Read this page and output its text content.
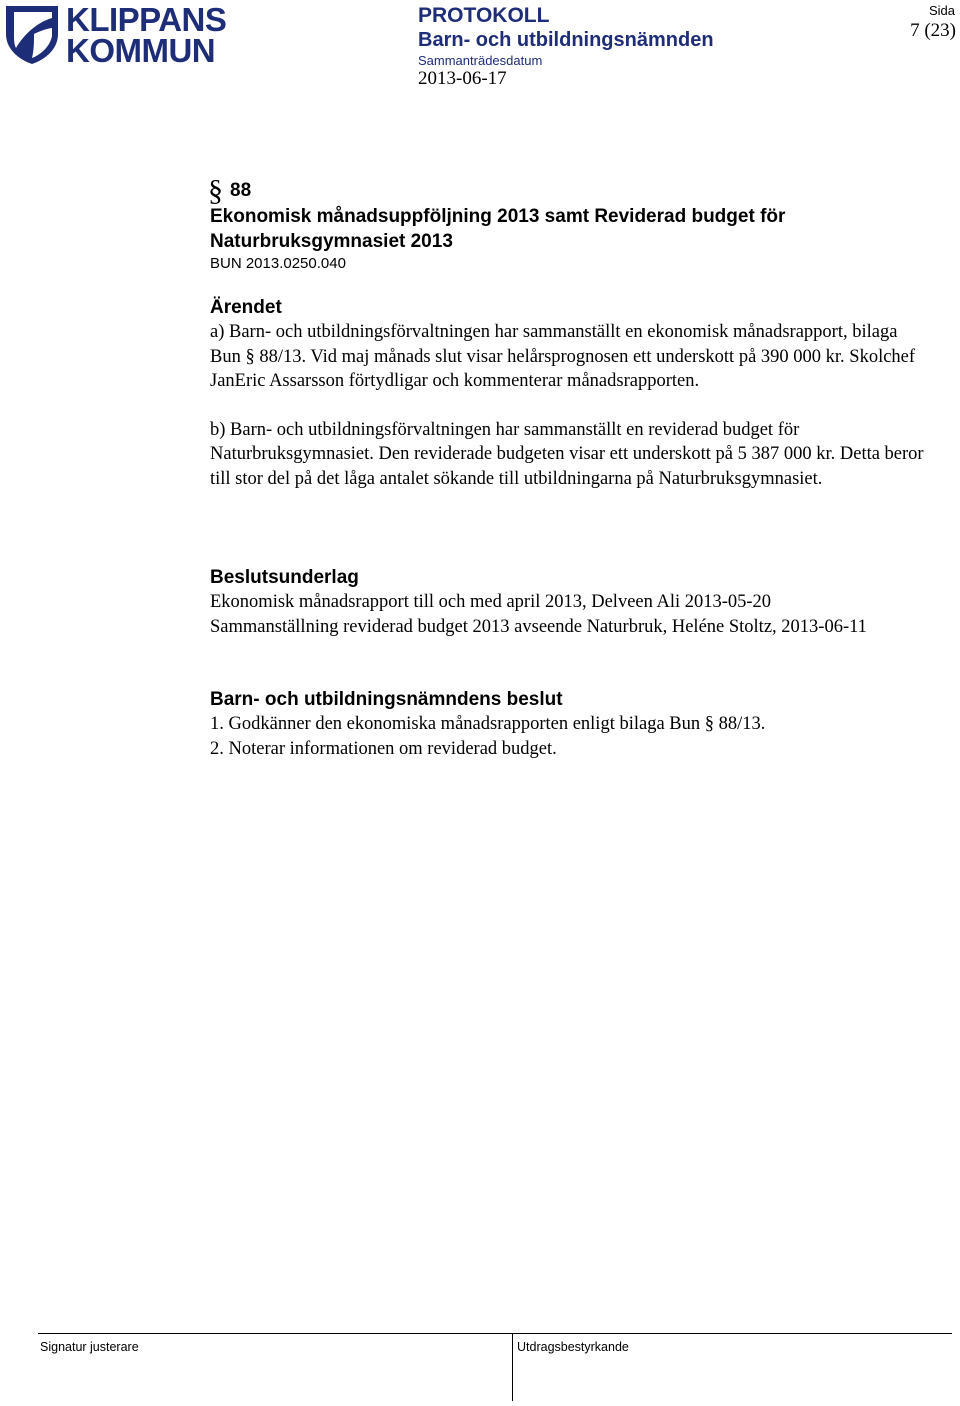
KLIPPANS
KOMMUN
PROTOKOLL
Barn- och utbildningsnämnden
Sammanträdesdatum
2013-06-17
Sida
7 (23)
§ 88
Ekonomisk månadsuppföljning 2013 samt Reviderad budget för Naturbruksgymnasiet 2013
BUN 2013.0250.040
Ärendet

a) Barn- och utbildningsförvaltningen har sammanställt en ekonomisk månadsrapport, bilaga Bun § 88/13. Vid maj månads slut visar helårsprognosen ett underskott på 390 000 kr. Skolchef JanEric Assarsson förtydligar och kommenterar månadsrapporten.

b) Barn- och utbildningsförvaltningen har sammanställt en reviderad budget för Naturbruksgymnasiet. Den reviderade budgeten visar ett underskott på 5 387 000 kr. Detta beror till stor del på det låga antalet sökande till utbildningarna på Naturbruksgymnasiet.

Beslutsunderlag

Ekonomisk månadsrapport till och med april 2013, Delveen Ali 2013-05-20

Sammanställning reviderad budget 2013 avseende Naturbruk, Heléne Stoltz, 2013-06-11

Barn- och utbildningsnämndens beslut

1. Godkänner den ekonomiska månadsrapporten enligt bilaga Bun § 88/13.

2. Noterar informationen om reviderad budget.

Signatur justerare	Utdragsbestyrkande
